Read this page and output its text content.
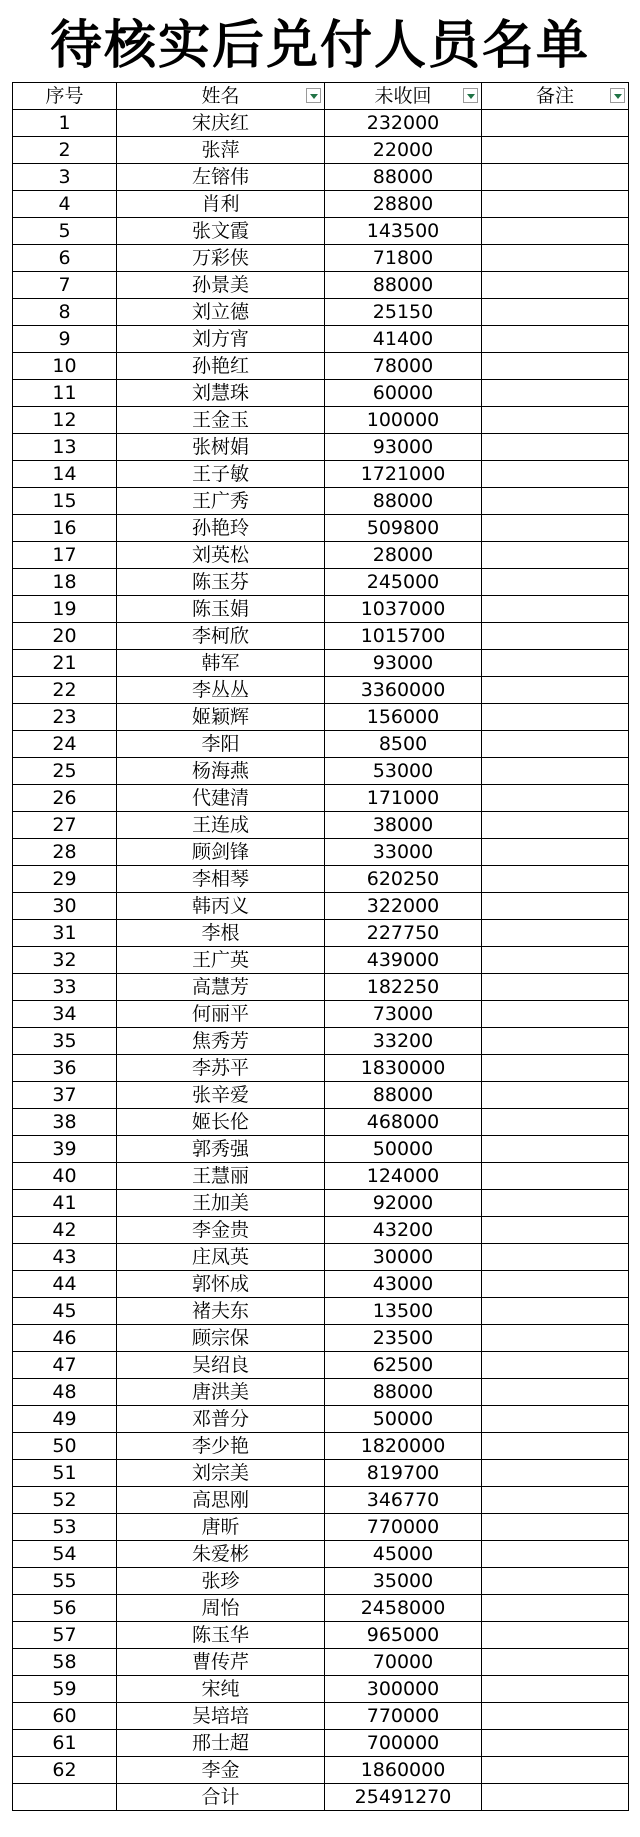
待核实后兑付人员名单
序号	姓名	未收回	备注

1	宋庆红	232000	
2	张萍	22000	
3	左镕伟	88000	
4	肖利	28800	
5	张文霞	143500	
6	万彩侠	71800	
7	孙景美	88000	
8	刘立德	25150	
9	刘方宵	41400	
10	孙艳红	78000	
11	刘慧珠	60000	
12	王金玉	100000	
13	张树娟	93000	
14	王子敏	1721000	
15	王广秀	88000	
16	孙艳玲	509800	
17	刘英松	28000	
18	陈玉芬	245000	
19	陈玉娟	1037000	
20	李柯欣	1015700	
21	韩军	93000	
22	李丛丛	3360000	
23	姬颖辉	156000	
24	李阳	8500	
25	杨海燕	53000	
26	代建清	171000	
27	王连成	38000	
28	顾剑锋	33000	
29	李相琴	620250	
30	韩丙义	322000	
31	李根	227750	
32	王广英	439000	
33	高慧芳	182250	
34	何丽平	73000	
35	焦秀芳	33200	
36	李苏平	1830000	
37	张辛爱	88000	
38	姬长伦	468000	
39	郭秀强	50000	
40	王慧丽	124000	
41	王加美	92000	
42	李金贵	43200	
43	庄凤英	30000	
44	郭怀成	43000	
45	褚夫东	13500	
46	顾宗保	23500	
47	吴绍良	62500	
48	唐洪美	88000	
49	邓普分	50000	
50	李少艳	1820000	
51	刘宗美	819700	
52	高思刚	346770	
53	唐昕	770000	
54	朱爱彬	45000	
55	张珍	35000	
56	周怡	2458000	
57	陈玉华	965000	
58	曹传芹	70000	
59	宋纯	300000	
60	吴培培	770000	
61	邢士超	700000	
62	李金	1860000	
	合计	25491270	
